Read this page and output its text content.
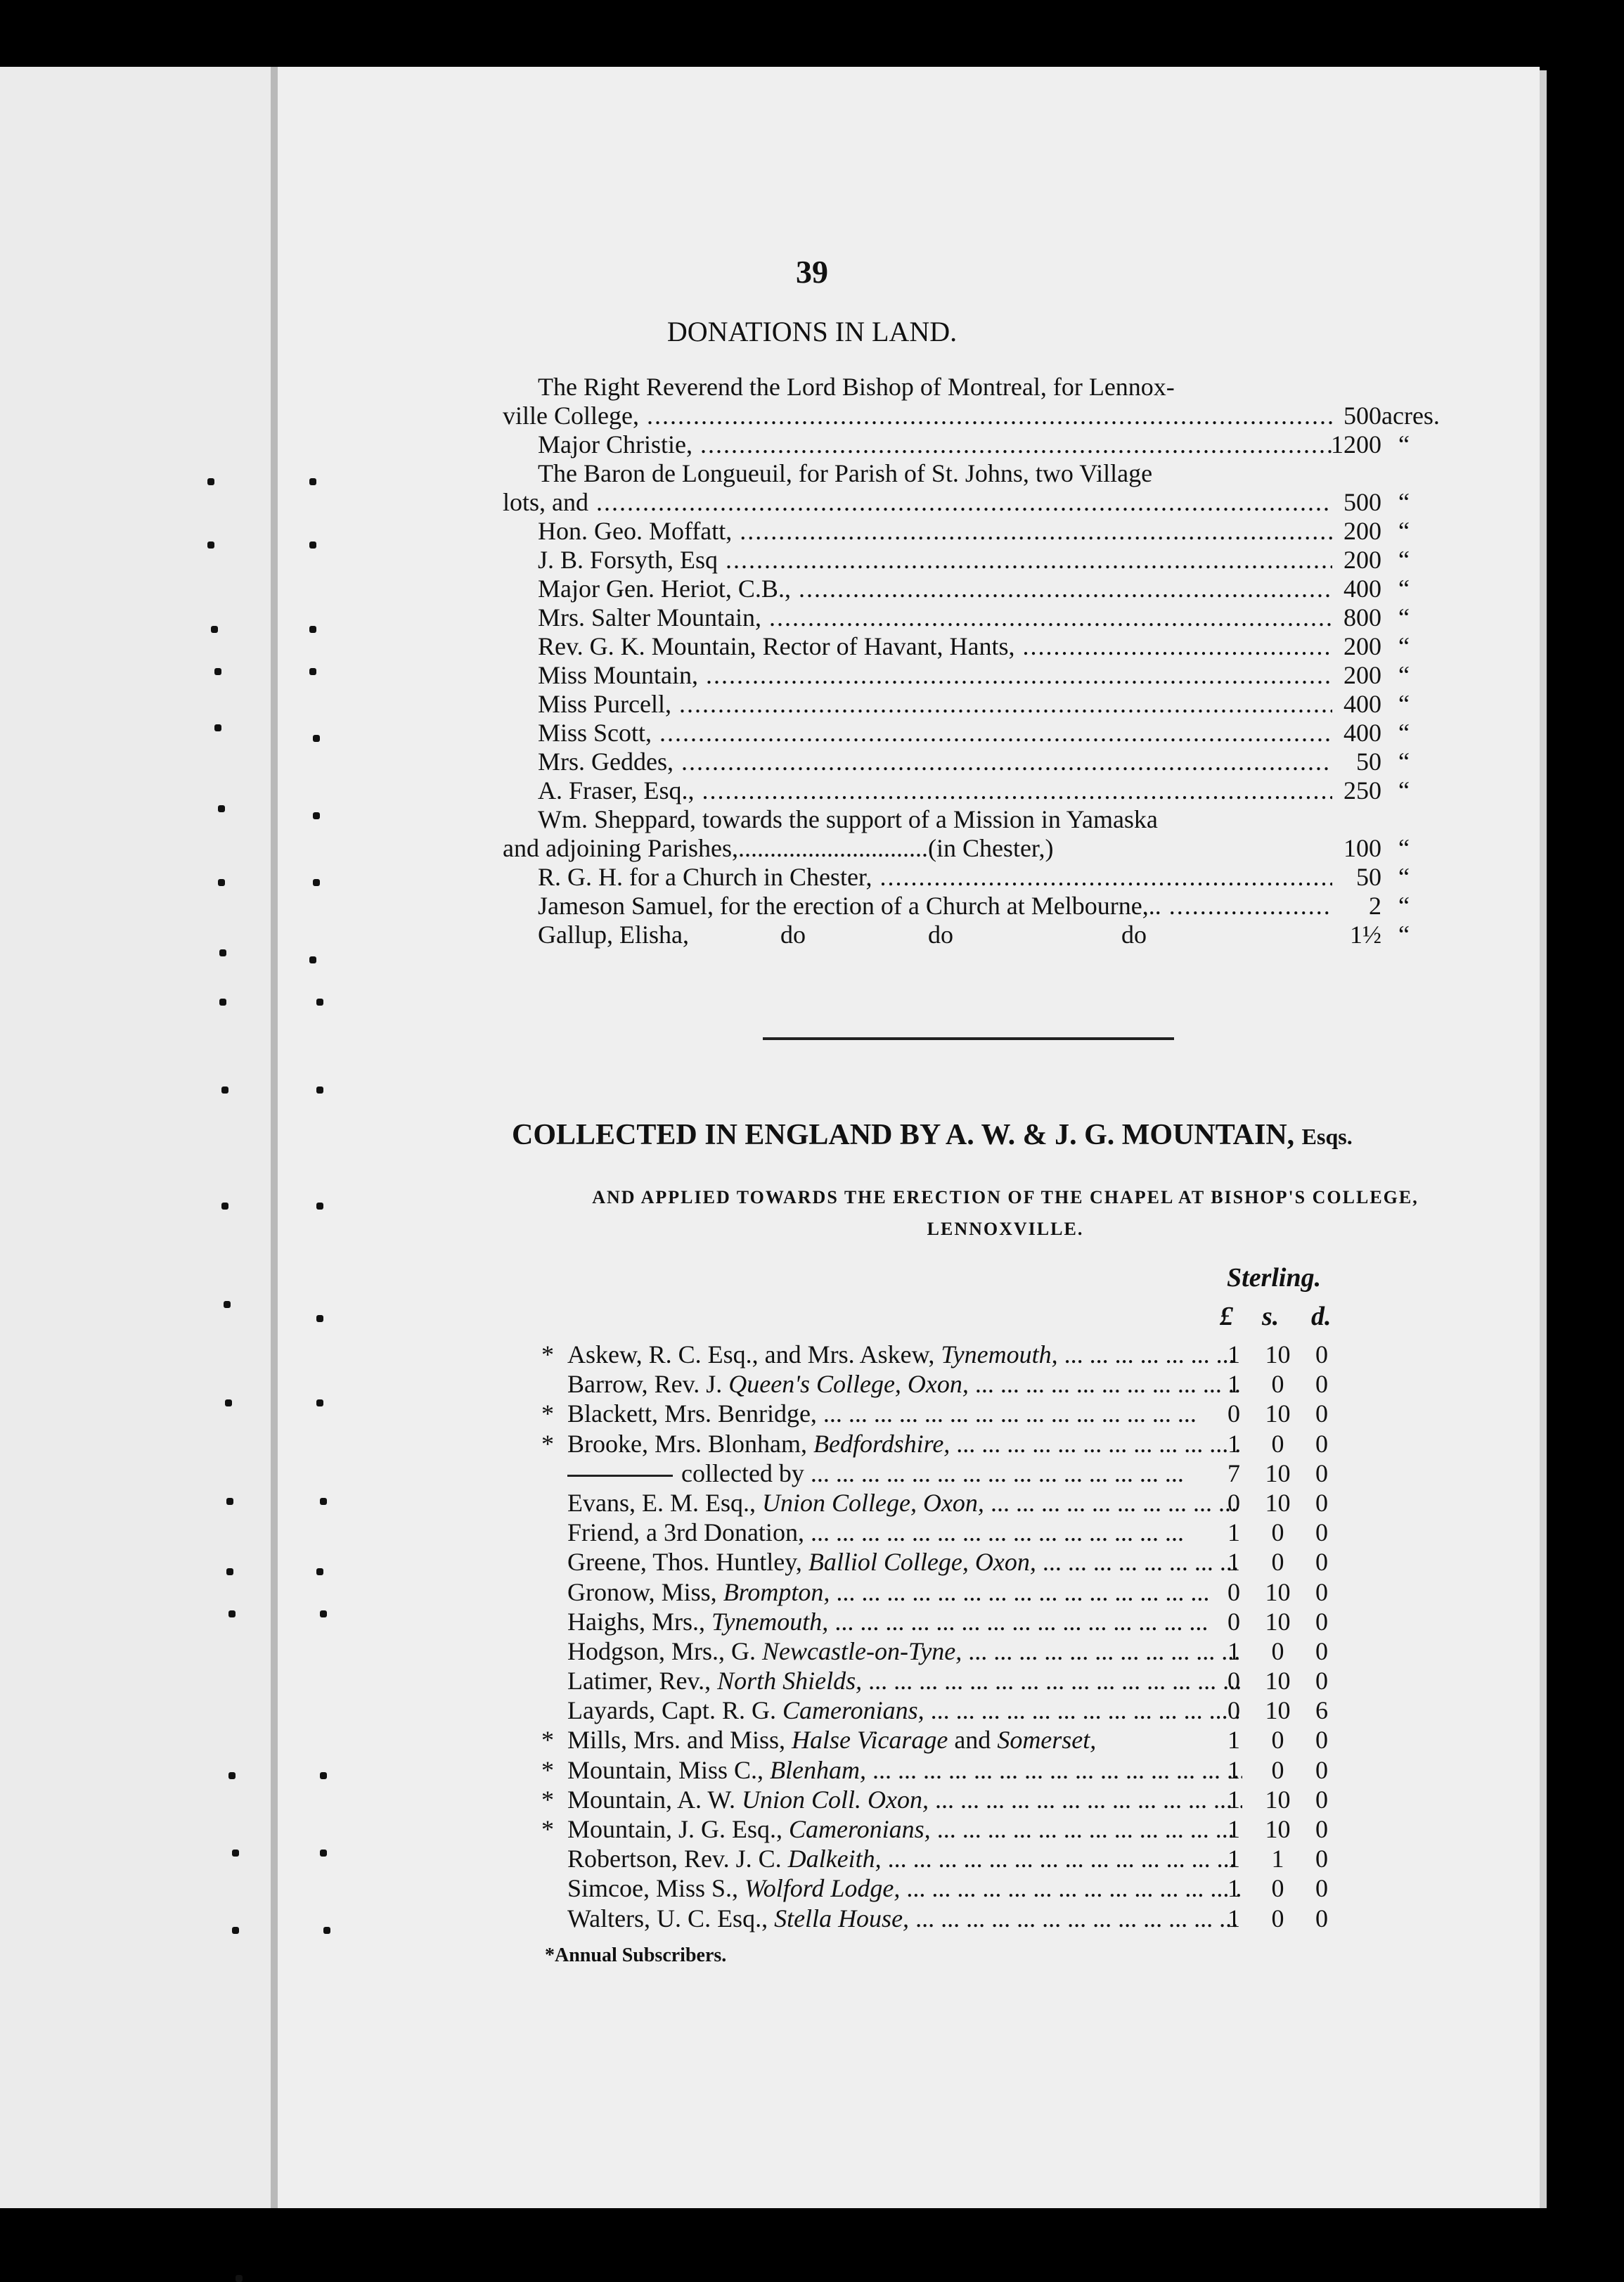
39
DONATIONS IN LAND.
The Right Reverend the Lord Bishop of Montreal, for Lennox-
ville College, .....	500acres.
Major Christie, .....	1200 “
The Baron de Longueuil, for Parish of St. Johns, two Village
lots, and .....	500 “
Hon. Geo. Moffatt, .....	200 “
J. B. Forsyth, Esq .....	200 “
Major Gen. Heriot, C.B., .....	400 “
Mrs. Salter Mountain, .....	800 “
Rev. G. K. Mountain, Rector of Havant, Hants, .....	200 “
Miss Mountain, .....	200 “
Miss Purcell, .....	400 “
Miss Scott, .....	400 “
Mrs. Geddes, .....	50 “
A. Fraser, Esq., .....	250 “
Wm. Sheppard, towards the support of a Mission in Yamaska
and adjoining Parishes,..............................(in Chester,)	100 “
R. G. H. for a Church in Chester, .....	50 “
Jameson Samuel, for the erection of a Church at Melbourne,.. .....	2 “
Gallup, Elisha,	do	do	do	1½ “
COLLECTED IN ENGLAND BY A. W. & J. G. MOUNTAIN, Esqs.
AND APPLIED TOWARDS THE ERECTION OF THE CHAPEL AT BISHOP'S COLLEGE, LENNOXVILLE.
Sterling.
£ s. d.
* Askew, R. C. Esq., and Mrs. Askew, Tynemouth, ...	1 10 0
Barrow, Rev. J. Queen's College, Oxon, ...	1	0	0
* Blackett, Mrs. Benridge, ...	0 10 0
* Brooke, Mrs. Blonham, Bedfordshire, ...	1	0	0
collected by ...	7 10 0
Evans, E. M. Esq., Union College, Oxon, ...	0 10 0
Friend, a 3rd Donation, ...	1	0	0
Greene, Thos. Huntley, Balliol College, Oxon, ...	1	0	0
Gronow, Miss, Brompton, ...	0 10 0
Haighs, Mrs., Tynemouth, ...	0 10 0
Hodgson, Mrs., G. Newcastle-on-Tyne, ...	1	0	0
Latimer, Rev., North Shields, ...	0 10 0
Layards, Capt. R. G. Cameronians, ...	0 10 6
* Mills, Mrs. and Miss, Halse Vicarage and Somerset,	1	0	0
* Mountain, Miss C., Blenham, ...	1	0	0
* Mountain, A. W. Union Coll. Oxon, ...	1 10 0
* Mountain, J. G. Esq., Cameronians, ...	1 10 0
Robertson, Rev. J. C. Dalkeith, ...	1	1	0
Simcoe, Miss S., Wolford Lodge, ...	1	0	0
Walters, U. C. Esq., Stella House, ...	1	0	0
*Annual Subscribers.
